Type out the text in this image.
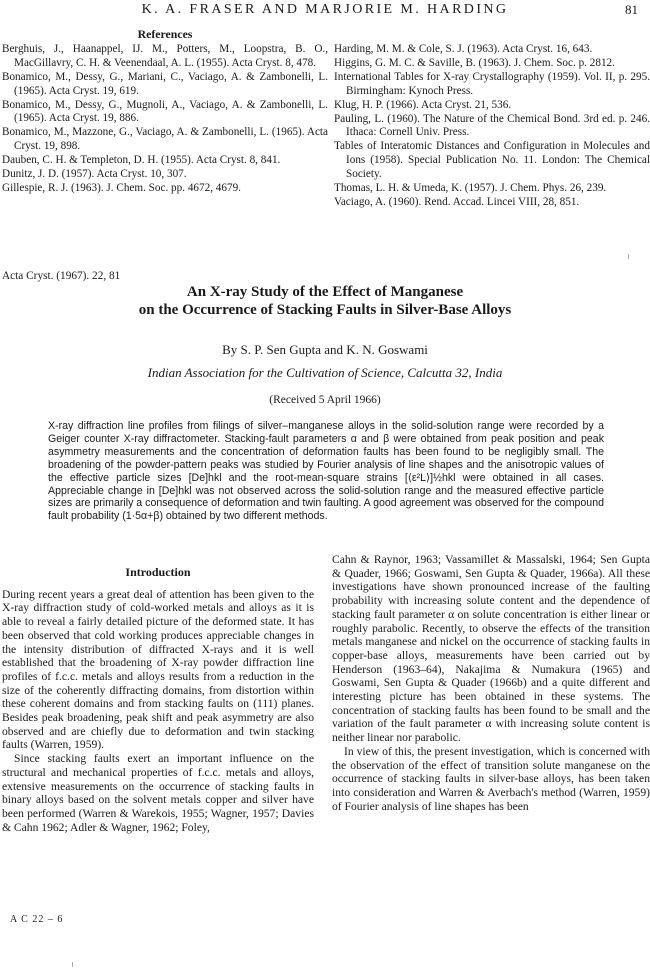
K. A. FRASER AND MARJORIE M. HARDING	81
References
Berghuis, J., Haanappel, IJ. M., Potters, M., Loopstra, B. O., MacGillavry, C. H. & Veenendaal, A. L. (1955). Acta Cryst. 8, 478.
Bonamico, M., Dessy, G., Mariani, C., Vaciago, A. & Zambonelli, L. (1965). Acta Cryst. 19, 619.
Bonamico, M., Dessy, G., Mugnoli, A., Vaciago, A. & Zambonelli, L. (1965). Acta Cryst. 19, 886.
Bonamico, M., Mazzone, G., Vaciago, A. & Zambonelli, L. (1965). Acta Cryst. 19, 898.
Dauben, C. H. & Templeton, D. H. (1955). Acta Cryst. 8, 841.
Dunitz, J. D. (1957). Acta Cryst. 10, 307.
Gillespie, R. J. (1963). J. Chem. Soc. pp. 4672, 4679.
Harding, M. M. & Cole, S. J. (1963). Acta Cryst. 16, 643.
Higgins, G. M. C. & Saville, B. (1963). J. Chem. Soc. p. 2812.
International Tables for X-ray Crystallography (1959). Vol. II, p. 295. Birmingham: Kynoch Press.
Klug, H. P. (1966). Acta Cryst. 21, 536.
Pauling, L. (1960). The Nature of the Chemical Bond. 3rd ed. p. 246. Ithaca: Cornell Univ. Press.
Tables of Interatomic Distances and Configuration in Molecules and Ions (1958). Special Publication No. 11. London: The Chemical Society.
Thomas, L. H. & Umeda, K. (1957). J. Chem. Phys. 26, 239.
Vaciago, A. (1960). Rend. Accad. Lincei VIII, 28, 851.
Acta Cryst. (1967). 22, 81
An X-ray Study of the Effect of Manganese
on the Occurrence of Stacking Faults in Silver-Base Alloys
By S. P. Sen Gupta and K. N. Goswami
Indian Association for the Cultivation of Science, Calcutta 32, India
(Received 5 April 1966)
X-ray diffraction line profiles from filings of silver–manganese alloys in the solid-solution range were recorded by a Geiger counter X-ray diffractometer. Stacking-fault parameters α and β were obtained from peak position and peak asymmetry measurements and the concentration of deformation faults has been found to be negligibly small. The broadening of the powder-pattern peaks was studied by Fourier analysis of line shapes and the anisotropic values of the effective particle sizes [De]hkl and the root-mean-square strains [⟨ε²L⟩]½hkl were obtained in all cases. Appreciable change in [De]hkl was not observed across the solid-solution range and the measured effective particle sizes are primarily a consequence of deformation and twin faulting. A good agreement was observed for the compound fault probability (1·5α+β) obtained by two different methods.
Introduction
During recent years a great deal of attention has been given to the X-ray diffraction study of cold-worked metals and alloys as it is able to reveal a fairly detailed picture of the deformed state. It has been observed that cold working produces appreciable changes in the intensity distribution of diffracted X-rays and it is well established that the broadening of X-ray powder diffraction line profiles of f.c.c. metals and alloys results from a reduction in the size of the coherently diffracting domains, from distortion within these coherent domains and from stacking faults on (111) planes. Besides peak broadening, peak shift and peak asymmetry are also observed and are chiefly due to deformation and twin stacking faults (Warren, 1959).
Since stacking faults exert an important influence on the structural and mechanical properties of f.c.c. metals and alloys, extensive measurements on the occurrence of stacking faults in binary alloys based on the solvent metals copper and silver have been performed (Warren & Warekois, 1955; Wagner, 1957; Davies & Cahn 1962; Adler & Wagner, 1962; Foley,
Cahn & Raynor, 1963; Vassamillet & Massalski, 1964; Sen Gupta & Quader, 1966; Goswami, Sen Gupta & Quader, 1966a). All these investigations have shown pronounced increase of the faulting probability with increasing solute content and the dependence of stacking fault parameter α on solute concentration is either linear or roughly parabolic. Recently, to observe the effects of the transition metals manganese and nickel on the occurrence of stacking faults in copper-base alloys, measurements have been carried out by Henderson (1963–64), Nakajima & Numakura (1965) and Goswami, Sen Gupta & Quader (1966b) and a quite different and interesting picture has been obtained in these systems. The concentration of stacking faults has been found to be small and the variation of the fault parameter α with increasing solute content is neither linear nor parabolic.
In view of this, the present investigation, which is concerned with the observation of the effect of transition solute manganese on the occurrence of stacking faults in silver-base alloys, has been taken into consideration and Warren & Averbach's method (Warren, 1959) of Fourier analysis of line shapes has been
A C 22 – 6
